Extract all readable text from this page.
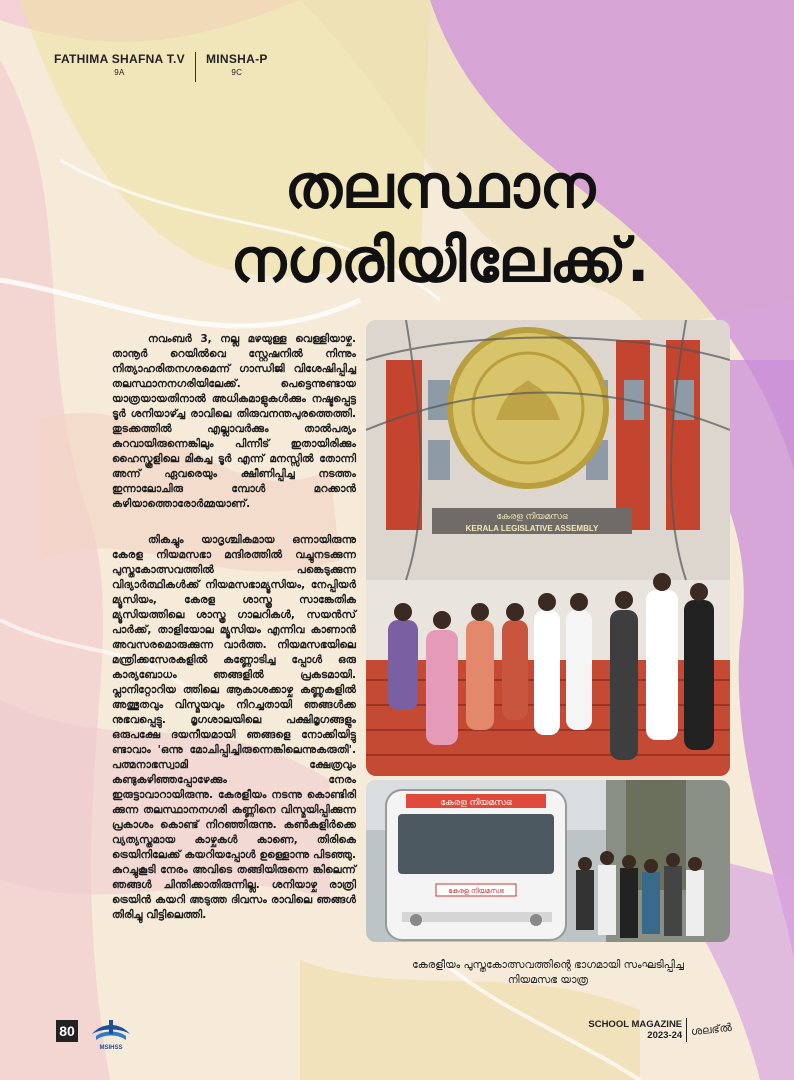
FATHIMA SHAFNA T.V
9A
MINSHA-P
9C
തലസ്ഥാന
നഗരിയിലേക്ക്.

നവംബർ 3, നല്ല മഴയുള്ള വെള്ളിയാഴ്ച. താനൂർ റെയിൽവെ സ്റ്റേഷനിൽ നിന്നും നിത്യാഹരിതനഗരമെന്ന് ഗാന്ധിജി വിശേഷിപ്പിച്ച തലസ്ഥാനനഗരിയിലേക്ക്. പെട്ടെന്നുണ്ടായ യാത്രയായതിനാൽ അധികമാളുകൾക്കും നഷ്ടപ്പെട്ട ടൂർ ശനിയാഴ്ച്ച രാവിലെ തിരുവനന്തപുരത്തെത്തി. തുടക്കത്തിൽ എല്ലാവർക്കും താൽപര്യം കുറവായിരുന്നെങ്കിലും പിന്നീട് ഇതായിരിക്കും ഹൈസ്കൂളിലെ മികച്ച ടൂർ എന്ന് മനസ്സിൽ തോന്നി അന്ന് ഏവരെയും ക്ഷീണിപ്പിച്ച നടത്തം ഇന്നാലോചിരു മ്പോൾ മറക്കാൻ കഴിയാത്തൊരോർമ്മയാണ്.

തികച്ചും യാദൃശ്ചികമായ ഒന്നായിരുന്നു കേരള നിയമസഭാ മന്ദിരത്തിൽ വച്ചുനടക്കുന്ന പുസ്തകോത്സവത്തിൽ പങ്കെടുക്കുന്ന വിദ്യാർത്ഥികൾക്ക് നിയമസഭാമ്യൂസിയം, നേപ്പിയർ മ്യൂസിയം, കേരള ശാസ്ത്ര സാങ്കേതിക മ്യൂസിയത്തിലെ ശാസ്ത്ര ഗാലറികൾ, സയൻസ് പാർക്ക്, താളിയോല മ്യൂസിയം എന്നിവ കാണാൻ അവസരമൊരുക്കുന്ന വാർത്ത. നിയമസഭയിലെ മന്ത്രിക്കസേരകളിൽ കണ്ണോടിച്ച പ്പോൾ ഒരു കാര്യബോധം ഞങ്ങളിൽ പ്രകടമായി. പ്ലാനിറ്റോറിയ ത്തിലെ ആകാശക്കാഴ്ച കണ്ണുകളിൽ അത്ഭുതവും വിസ്മയവും നിറച്ചതായി ഞങ്ങൾക്ക നുഭവപ്പെട്ടു. മൃഗശാലയിലെ പക്ഷിമൃഗങ്ങളും ഒരുപക്ഷേ ദയനീയമായി ഞങ്ങളെ നോക്കിയിട്ടു ണ്ടാവാം 'ഒന്നു മോചിപ്പിച്ചിരുന്നെങ്കിലെന്നുകരുതി'. പത്മനാഭസ്വാമി ക്ഷേത്രവും കണ്ടുകഴിഞ്ഞപ്പോഴേക്കും നേരം ഇരുട്ടാവാറായിരുന്നു. കേരളീയം നടന്നു കൊണ്ടിരി ക്കുന്ന തലസ്ഥാനനഗരി കണ്ണിനെ വിസ്മയിപ്പിക്കുന്ന പ്രകാശം കൊണ്ട് നിറഞ്ഞിരുന്നു. കൺകുളിർക്കെ വ്യത്യസ്തമായ കാഴ്ചകൾ കാണെ, തിരികെ ട്രെയിനിലേക്ക് കയറിയപ്പോൾ ഉള്ളൊന്നു പിടഞ്ഞു. കുറച്ചുകൂടി നേരം അവിടെ തങ്ങിയിരുന്നെ ങ്കിലെന്ന് ഞങ്ങൾ ചിന്തിക്കാതിരുന്നില്ല. ശനിയാഴ്ച രാത്രി ട്രെയിൻ കയറി അടുത്ത ദിവസം രാവിലെ ഞങ്ങൾ തിരിച്ചു വീട്ടിലെത്തി.

കേരള നിയമസഭ
KERALA LEGISLATIVE ASSEMBLY
കേരള നിയമസഭ
കേരള നിയമസഭ
കേരളീയം പുസ്തകോത്സവത്തിന്റെ ഭാഗമായി സംഘടിപ്പിച്ച
നിയമസഭ യാത്ര
80
MSIHSS
SCHOOL MAGAZINE
2023-24 ശലഭ്ൽ
